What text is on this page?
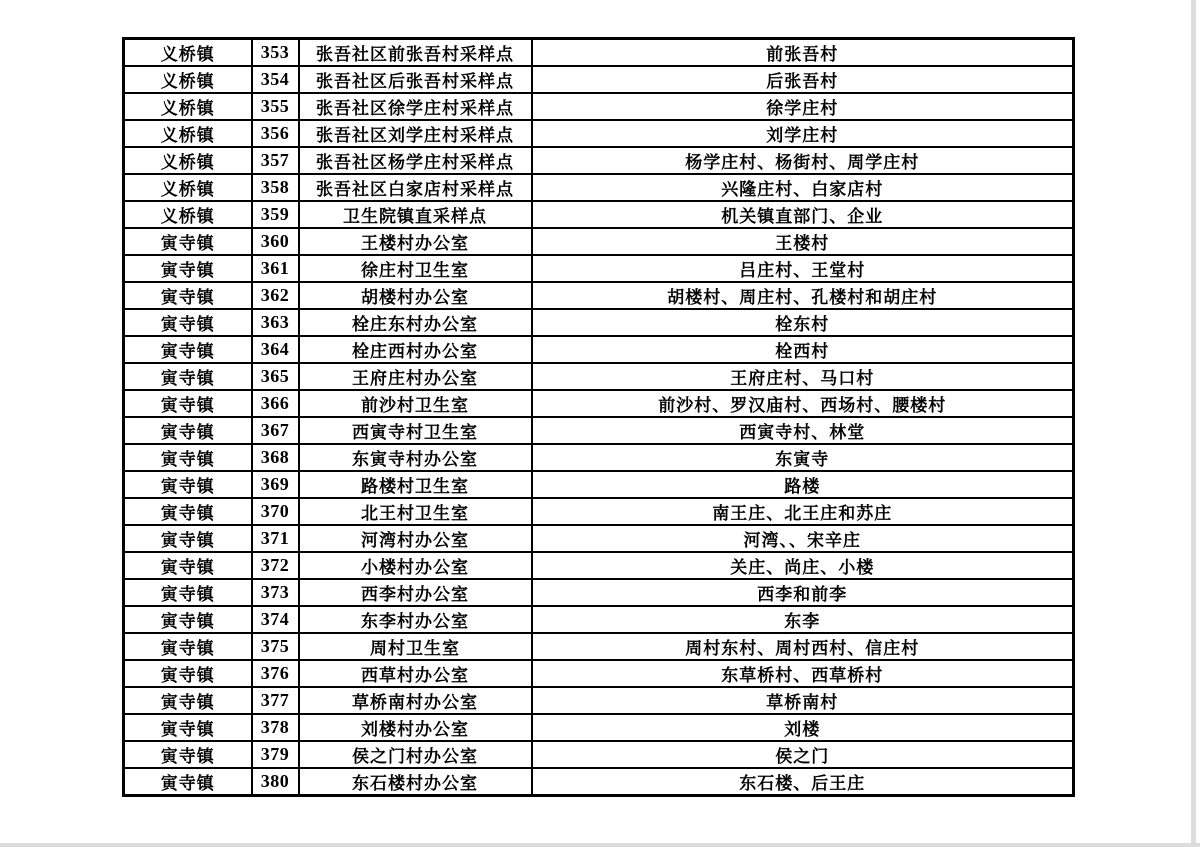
义桥镇	353	张吾社区前张吾村采样点	前张吾村
义桥镇	354	张吾社区后张吾村采样点	后张吾村
义桥镇	355	张吾社区徐学庄村采样点	徐学庄村
义桥镇	356	张吾社区刘学庄村采样点	刘学庄村
义桥镇	357	张吾社区杨学庄村采样点	杨学庄村、杨街村、周学庄村
义桥镇	358	张吾社区白家店村采样点	兴隆庄村、白家店村
义桥镇	359	卫生院镇直采样点	机关镇直部门、企业
寅寺镇	360	王楼村办公室	王楼村
寅寺镇	361	徐庄村卫生室	吕庄村、王堂村
寅寺镇	362	胡楼村办公室	胡楼村、周庄村、孔楼村和胡庄村
寅寺镇	363	栓庄东村办公室	栓东村
寅寺镇	364	栓庄西村办公室	栓西村
寅寺镇	365	王府庄村办公室	王府庄村、马口村
寅寺镇	366	前沙村卫生室	前沙村、罗汉庙村、西场村、腰楼村
寅寺镇	367	西寅寺村卫生室	西寅寺村、林堂
寅寺镇	368	东寅寺村办公室	东寅寺
寅寺镇	369	路楼村卫生室	路楼
寅寺镇	370	北王村卫生室	南王庄、北王庄和苏庄
寅寺镇	371	河湾村办公室	河湾、、宋辛庄
寅寺镇	372	小楼村办公室	关庄、尚庄、小楼
寅寺镇	373	西李村办公室	西李和前李
寅寺镇	374	东李村办公室	东李
寅寺镇	375	周村卫生室	周村东村、周村西村、信庄村
寅寺镇	376	西草村办公室	东草桥村、西草桥村
寅寺镇	377	草桥南村办公室	草桥南村
寅寺镇	378	刘楼村办公室	刘楼
寅寺镇	379	侯之门村办公室	侯之门
寅寺镇	380	东石楼村办公室	东石楼、后王庄
